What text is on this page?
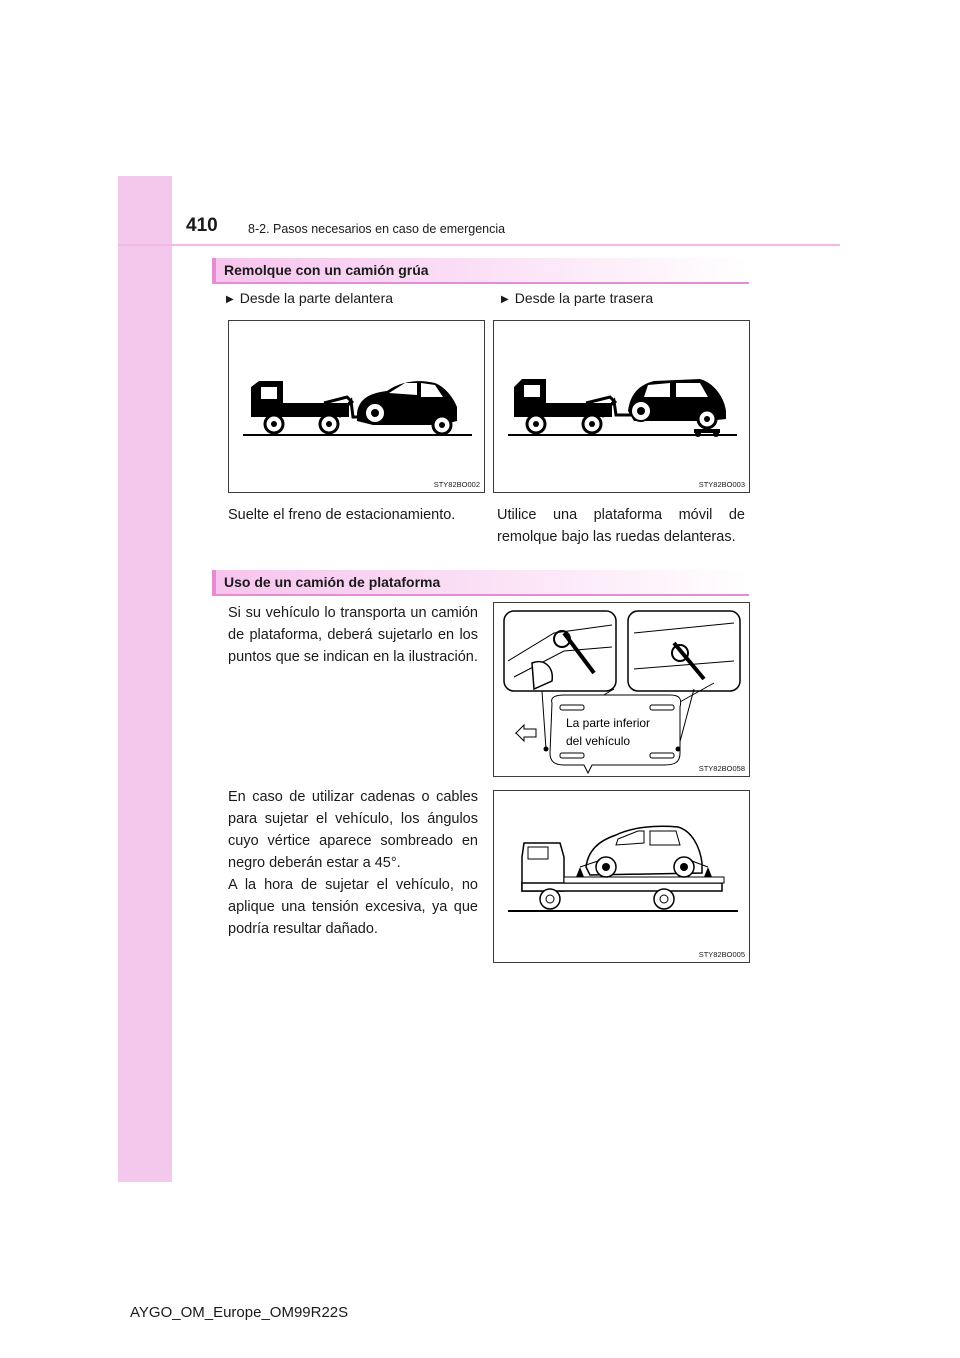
410 8-2. Pasos necesarios en caso de emergencia
Remolque con un camión grúa
▶ Desde la parte delantera	▶ Desde la parte trasera
STY82BO002	STY82BO003
Suelte el freno de estacionamiento.	Utilice una plataforma móvil de remolque bajo las ruedas delanteras.
Uso de un camión de plataforma
Si su vehículo lo transporta un camión de plataforma, deberá sujetarlo en los puntos que se indican en la ilustración.
La parte inferior
del vehículo
STY82BO058
En caso de utilizar cadenas o cables para sujetar el vehículo, los ángulos cuyo vértice aparece sombreado en negro deberán estar a 45°.
A la hora de sujetar el vehículo, no aplique una tensión excesiva, ya que podría resultar dañado.
STY82BO005
AYGO_OM_Europe_OM99R22S
